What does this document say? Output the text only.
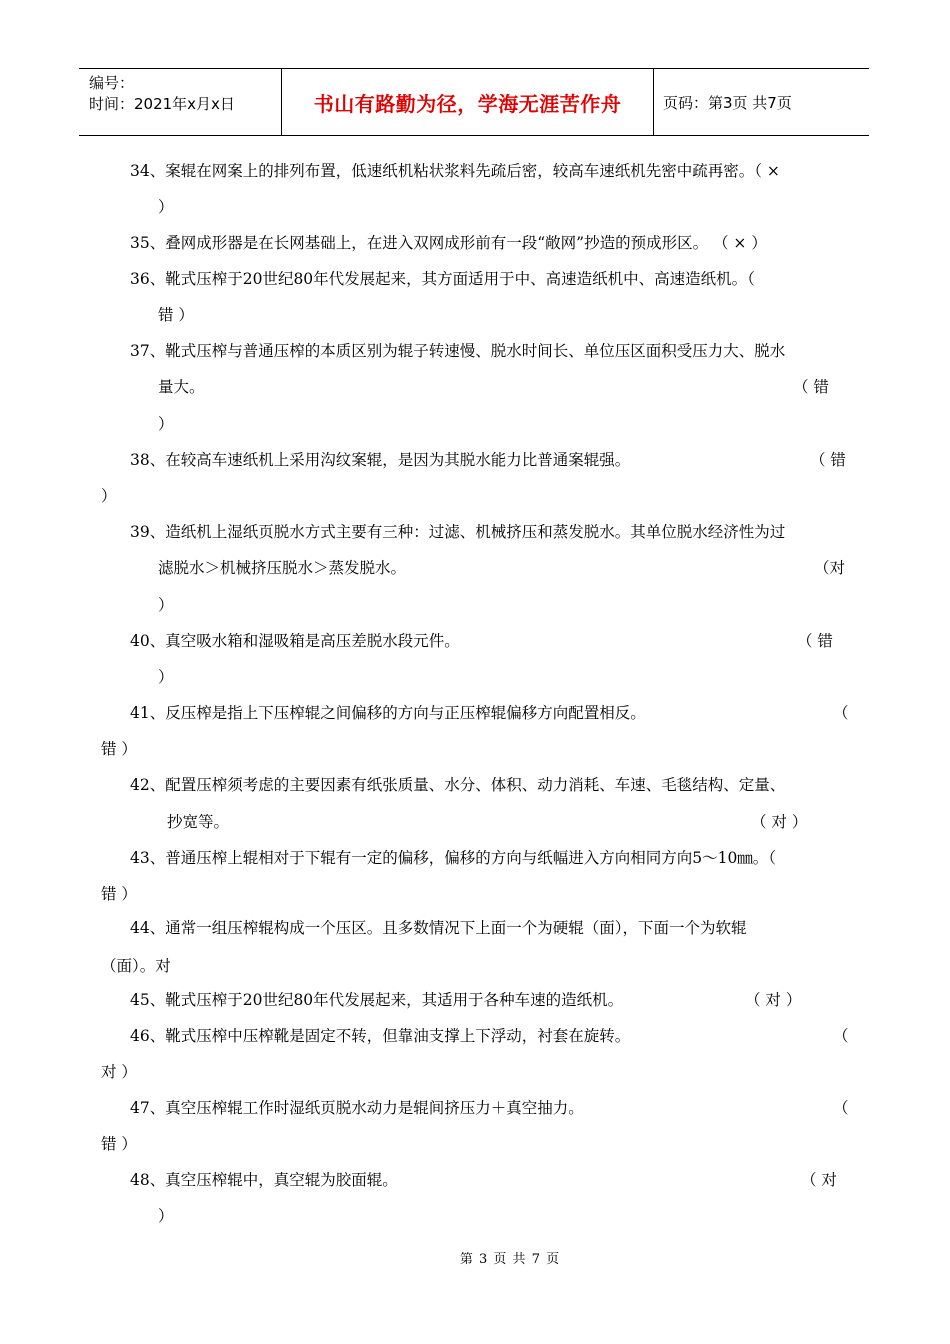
编号：
时间：2021年x月x日	书山有路勤为径，学海无涯苦作舟	页码：第3页 共7页
34、案辊在网案上的排列布置，低速纸机粘状浆料先疏后密，较高车速纸机先密中疏再密。（ ×
）
35、叠网成形器是在长网基础上，在进入双网成形前有一段“敞网”抄造的预成形区。 （ × ）
36、靴式压榨于20世纪80年代发展起来，其方面适用于中、高速造纸机中、高速造纸机。（
错 ）
37、靴式压榨与普通压榨的本质区别为辊子转速慢、脱水时间长、单位压区面积受压力大、脱水
量大。	（ 错
）
38、在较高车速纸机上采用沟纹案辊，是因为其脱水能力比普通案辊强。	（ 错
）
39、造纸机上湿纸页脱水方式主要有三种：过滤、机械挤压和蒸发脱水。其单位脱水经济性为过
滤脱水＞机械挤压脱水＞蒸发脱水。	（对
）
40、真空吸水箱和湿吸箱是高压差脱水段元件。	（ 错
）
41、反压榨是指上下压榨辊之间偏移的方向与正压榨辊偏移方向配置相反。	（
错 ）
42、配置压榨须考虑的主要因素有纸张质量、水分、体积、动力消耗、车速、毛毯结构、定量、
抄宽等。	（ 对 ）
43、普通压榨上辊相对于下辊有一定的偏移，偏移的方向与纸幅进入方向相同方向5～10㎜。（
错 ）
44、通常一组压榨辊构成一个压区。且多数情况下上面一个为硬辊（面），下面一个为软辊
（面）。对
45、靴式压榨于20世纪80年代发展起来，其适用于各种车速的造纸机。	（ 对 ）
46、靴式压榨中压榨靴是固定不转，但靠油支撑上下浮动，衬套在旋转。	（
对 ）
47、真空压榨辊工作时湿纸页脱水动力是辊间挤压力＋真空抽力。	（
错 ）
48、真空压榨辊中，真空辊为胶面辊。	（ 对
）
第 3 页 共 7 页
